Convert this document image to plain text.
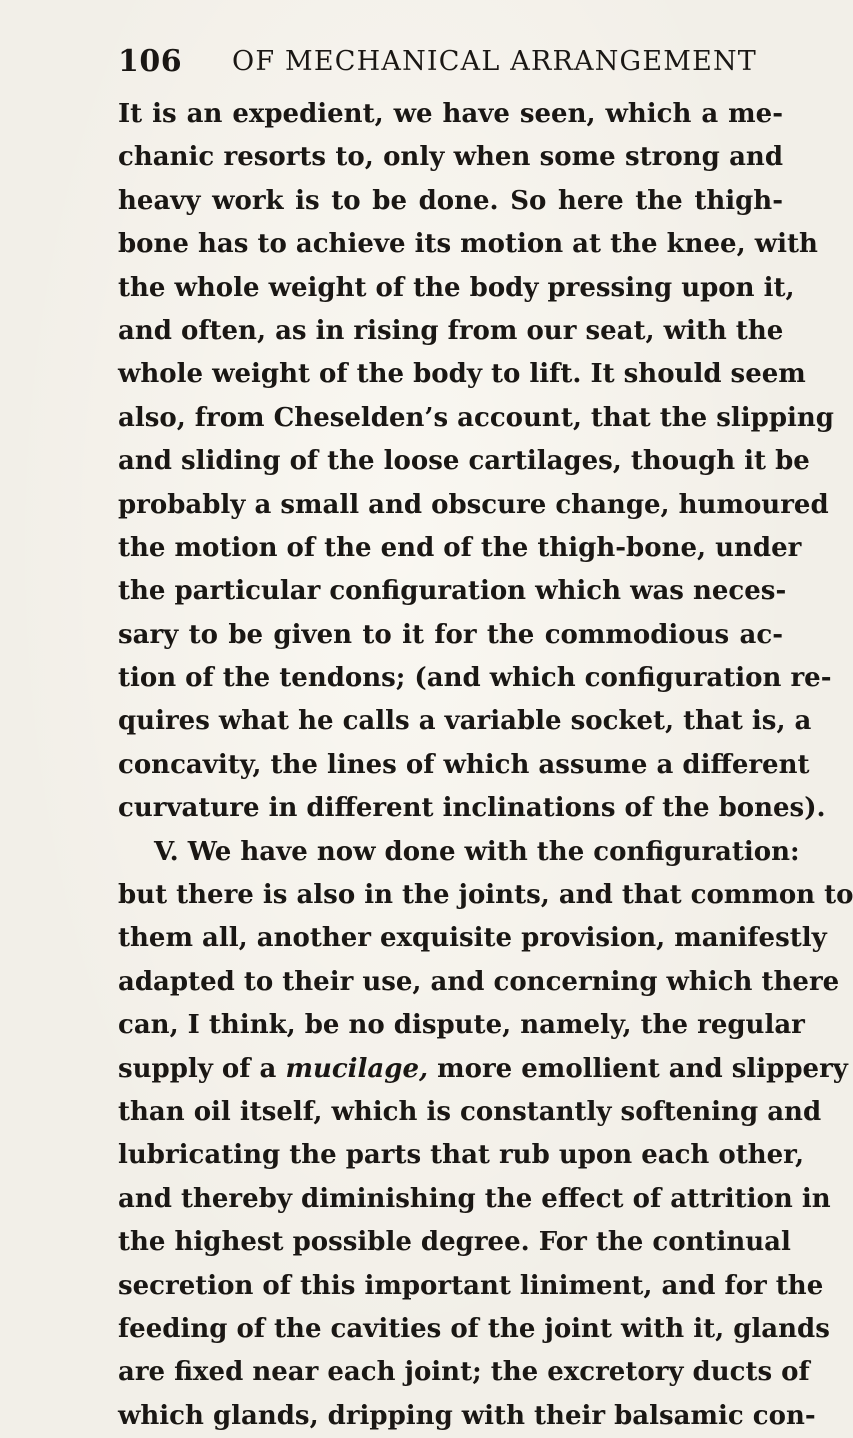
106 OF MECHANICAL ARRANGEMENT
It is an expedient, we have seen, which a me-
chanic resorts to, only when some strong and
heavy work is to be done. So here the thigh-
bone has to achieve its motion at the knee, with
the whole weight of the body pressing upon it,
and often, as in rising from our seat, with the
whole weight of the body to lift. It should seem
also, from Cheselden’s account, that the slipping
and sliding of the loose cartilages, though it be
probably a small and obscure change, humoured
the motion of the end of the thigh-bone, under
the particular configuration which was neces-
sary to be given to it for the commodious ac-
tion of the tendons; (and which configuration re-
quires what he calls a variable socket, that is, a
concavity, the lines of which assume a different
curvature in different inclinations of the bones).
V. We have now done with the configuration:
but there is also in the joints, and that common to
them all, another exquisite provision, manifestly
adapted to their use, and concerning which there
can, I think, be no dispute, namely, the regular
supply of a mucilage, more emollient and slippery
than oil itself, which is constantly softening and
lubricating the parts that rub upon each other,
and thereby diminishing the effect of attrition in
the highest possible degree. For the continual
secretion of this important liniment, and for the
feeding of the cavities of the joint with it, glands
are fixed near each joint; the excretory ducts of
which glands, dripping with their balsamic con-
